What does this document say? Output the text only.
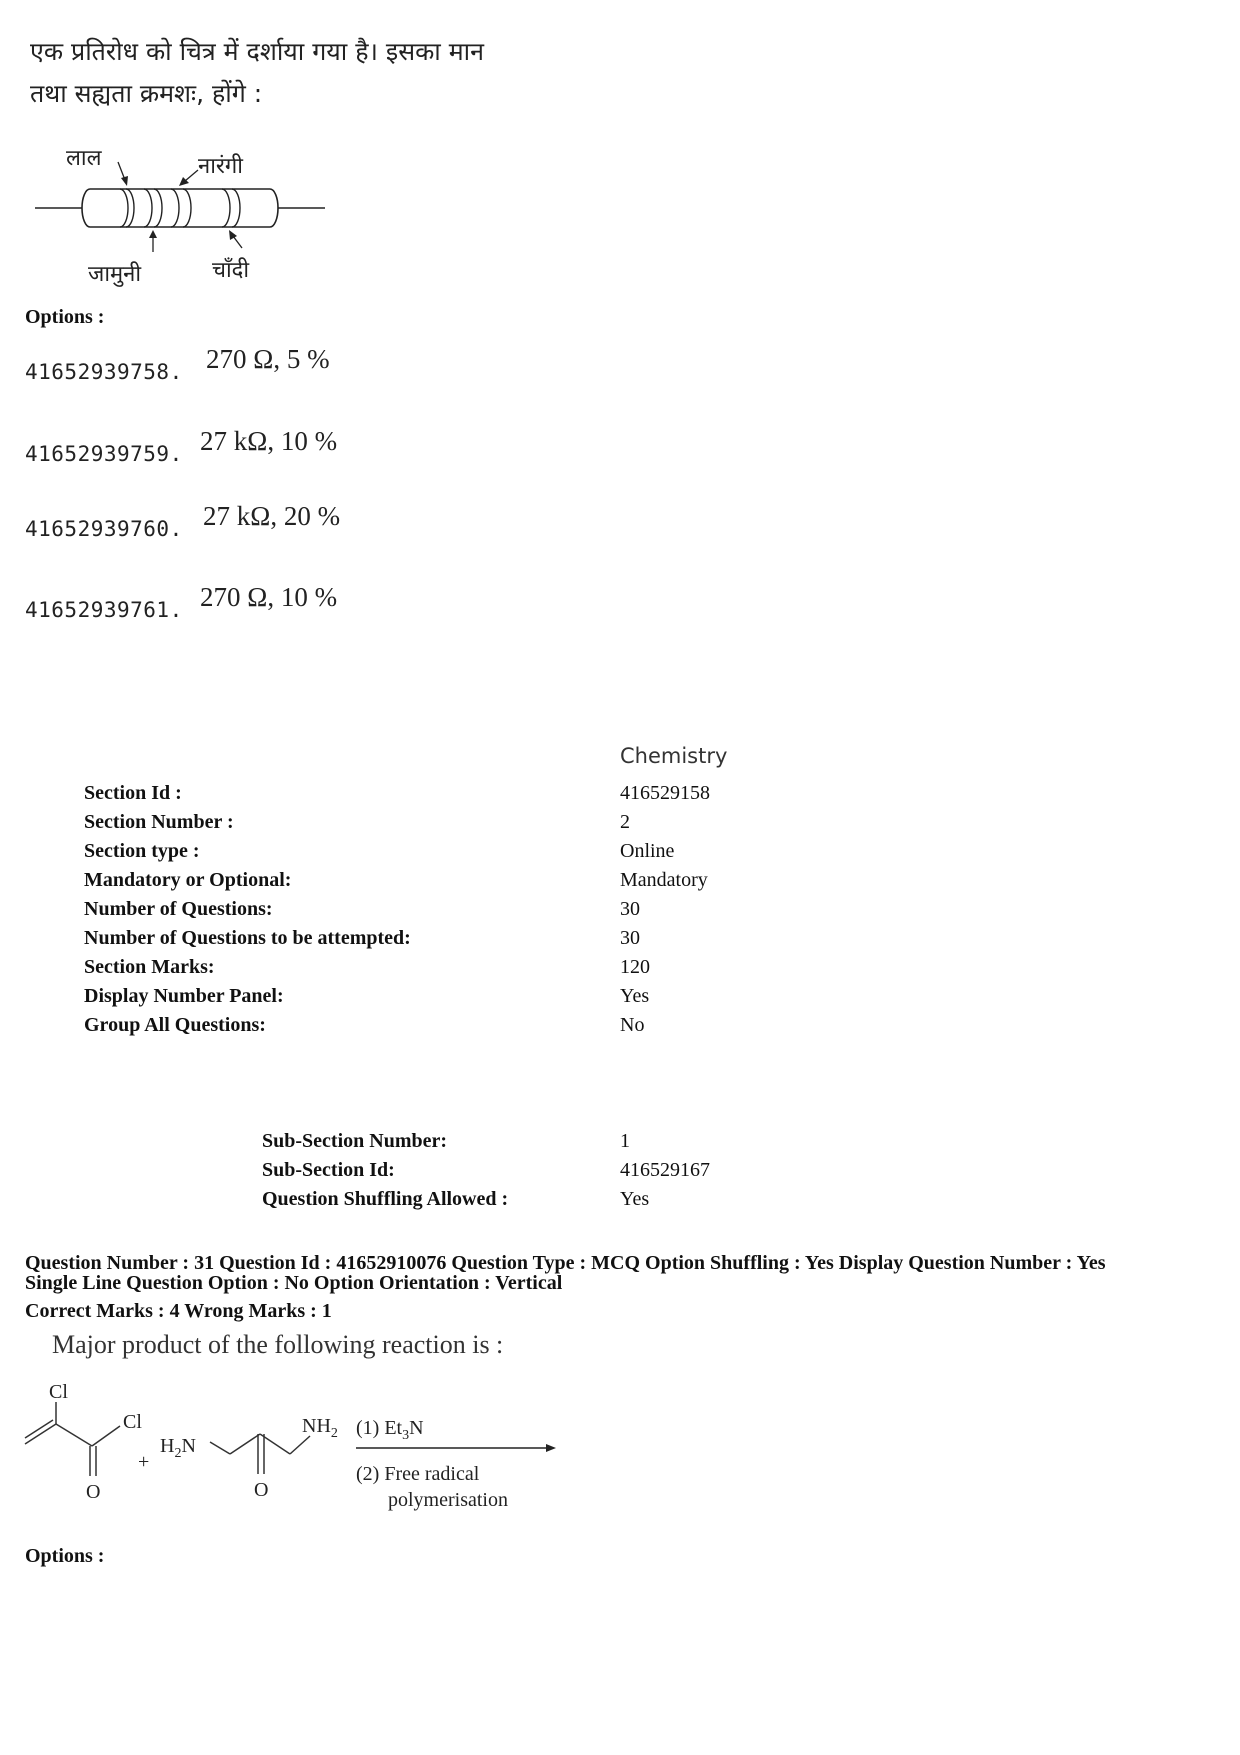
एक प्रतिरोध को चित्र में दर्शाया गया है। इसका मान
तथा सह्यता क्रमशः, होंगे :
लाल	नारंगी
जामुनी	चाँदी
Options :
41652939758. 270 Ω, 5 %
41652939759. 27 kΩ, 10 %
41652939760. 27 kΩ, 20 %
41652939761. 270 Ω, 10 %
Chemistry
Section Id :	416529158
Section Number :	2
Section type :	Online
Mandatory or Optional:	Mandatory
Number of Questions:	30
Number of Questions to be attempted:	30
Section Marks:	120
Display Number Panel:	Yes
Group All Questions:	No
Sub-Section Number:	1
Sub-Section Id:	416529167
Question Shuffling Allowed :	Yes
Question Number : 31 Question Id : 41652910076 Question Type : MCQ Option Shuffling : Yes Display Question Number : Yes
Single Line Question Option : No Option Orientation : Vertical
Correct Marks : 4 Wrong Marks : 1
Major product of the following reaction is :
Cl
Cl
O
+
$H_2N$
O
$NH_2$ (1) $Et_3N$
(2) Free radical
polymerisation
Options :
